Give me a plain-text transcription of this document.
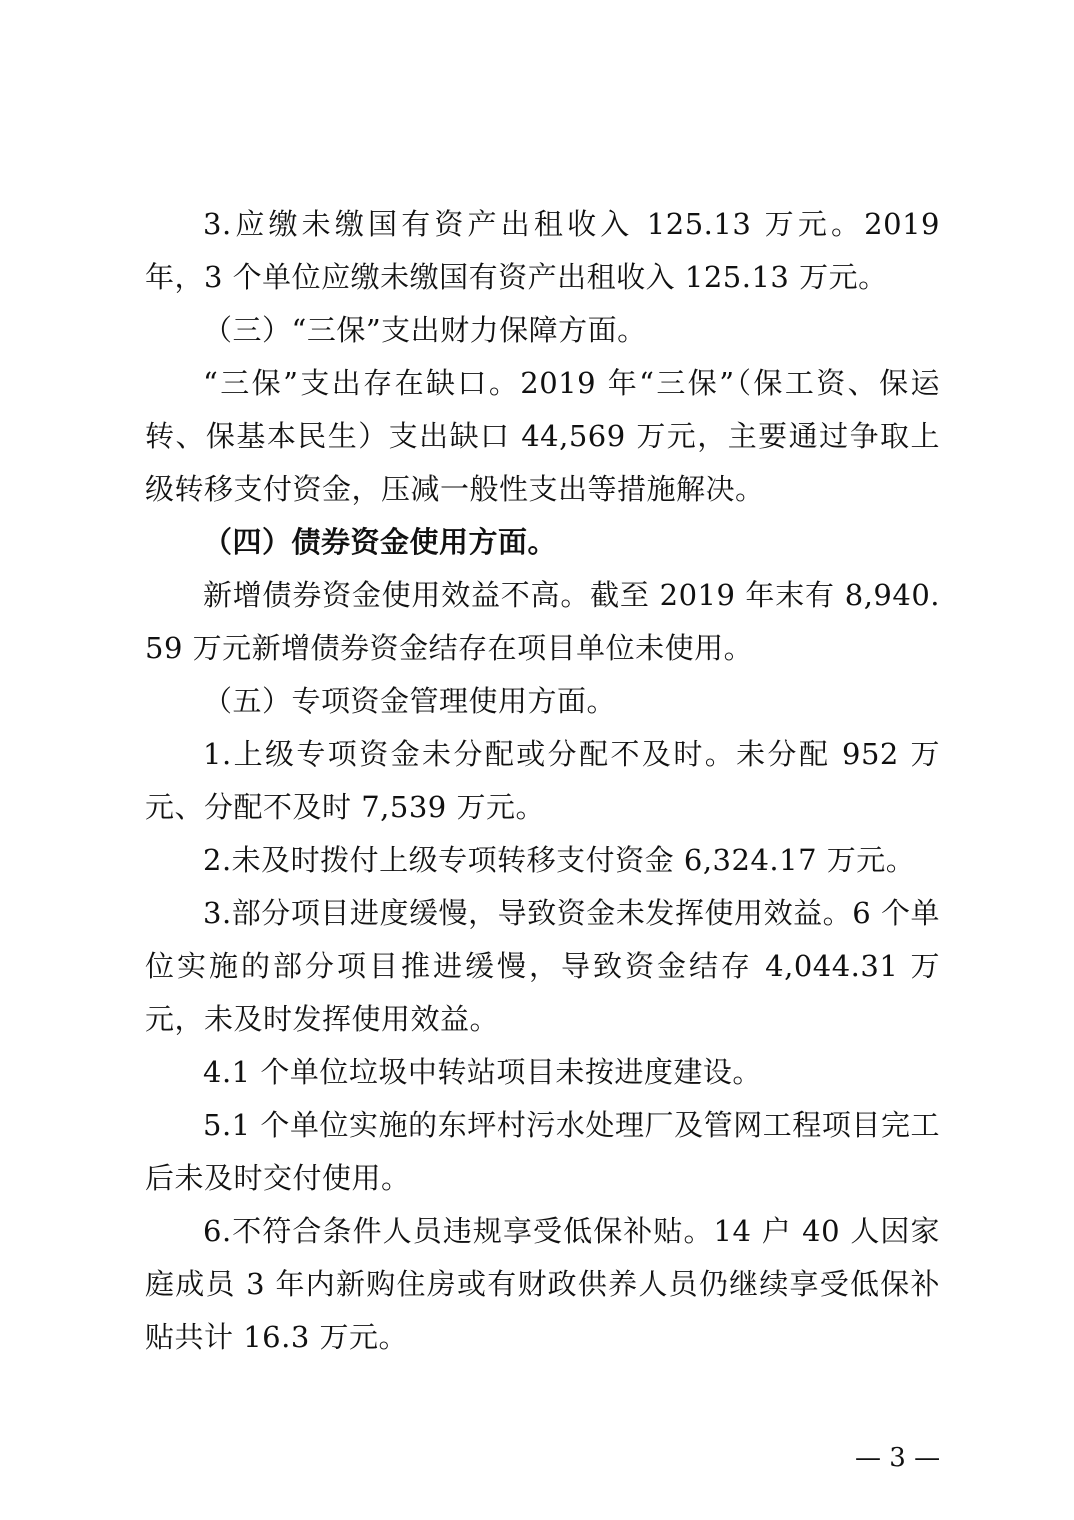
3.应缴未缴国有资产出租收入 125.13 万元。2019 年，3 个单位应缴未缴国有资产出租收入 125.13 万元。

（三）“三保”支出财力保障方面。

“三保”支出存在缺口。2019 年“三保”（保工资、保运转、保基本民生）支出缺口 44,569 万元，主要通过争取上级转移支付资金，压减一般性支出等措施解决。

（四）债券资金使用方面。

新增债券资金使用效益不高。截至 2019 年末有 8,940.59 万元新增债券资金结存在项目单位未使用。

（五）专项资金管理使用方面。

1.上级专项资金未分配或分配不及时。未分配 952 万元、分配不及时 7,539 万元。

2.未及时拨付上级专项转移支付资金 6,324.17 万元。

3.部分项目进度缓慢，导致资金未发挥使用效益。6 个单位实施的部分项目推进缓慢，导致资金结存 4,044.31 万元，未及时发挥使用效益。

4.1 个单位垃圾中转站项目未按进度建设。

5.1 个单位实施的东坪村污水处理厂及管网工程项目完工后未及时交付使用。

6.不符合条件人员违规享受低保补贴。14 户 40 人因家庭成员 3 年内新购住房或有财政供养人员仍继续享受低保补贴共计 16.3 万元。

— 3 —
